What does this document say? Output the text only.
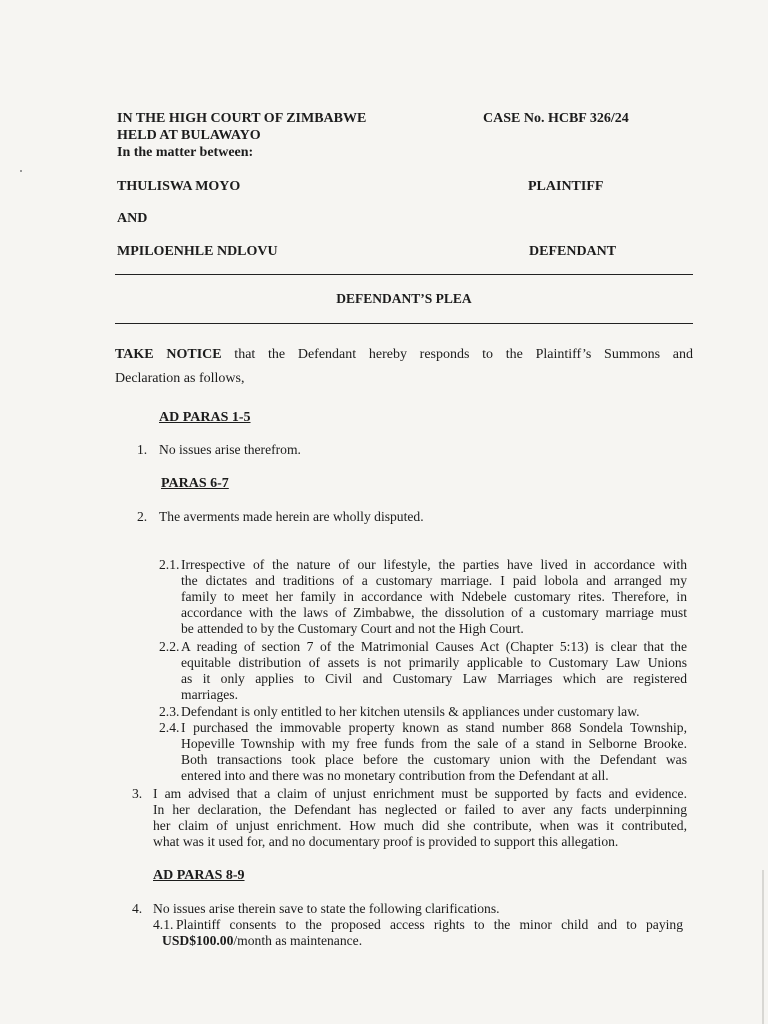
IN THE HIGH COURT OF ZIMBABWE
HELD AT BULAWAYO
In the matter between:
CASE No. HCBF 326/24
THULISWA MOYO	PLAINTIFF
AND
MPILOENHLE NDLOVU	DEFENDANT
DEFENDANT’S PLEA
TAKE NOTICE that the Defendant hereby responds to the Plaintiff’s Summons and
Declaration as follows,
AD PARAS 1-5
1. No issues arise therefrom.
PARAS 6-7
2. The averments made herein are wholly disputed.
2.1. Irrespective of the nature of our lifestyle, the parties have lived in accordance with
the dictates and traditions of a customary marriage. I paid lobola and arranged my
family to meet her family in accordance with Ndebele customary rites. Therefore, in
accordance with the laws of Zimbabwe, the dissolution of a customary marriage must
be attended to by the Customary Court and not the High Court.
2.2. A reading of section 7 of the Matrimonial Causes Act (Chapter 5:13) is clear that the
equitable distribution of assets is not primarily applicable to Customary Law Unions
as it only applies to Civil and Customary Law Marriages which are registered
marriages.
2.3. Defendant is only entitled to her kitchen utensils & appliances under customary law.
2.4. I purchased the immovable property known as stand number 868 Sondela Township,
Hopeville Township with my free funds from the sale of a stand in Selborne Brooke.
Both transactions took place before the customary union with the Defendant was
entered into and there was no monetary contribution from the Defendant at all.
3. I am advised that a claim of unjust enrichment must be supported by facts and evidence.
In her declaration, the Defendant has neglected or failed to aver any facts underpinning
her claim of unjust enrichment. How much did she contribute, when was it contributed,
what was it used for, and no documentary proof is provided to support this allegation.
AD PARAS 8-9
4. No issues arise therein save to state the following clarifications.
4.1. Plaintiff consents to the proposed access rights to the minor child and to paying
USD$100.00/month as maintenance.
